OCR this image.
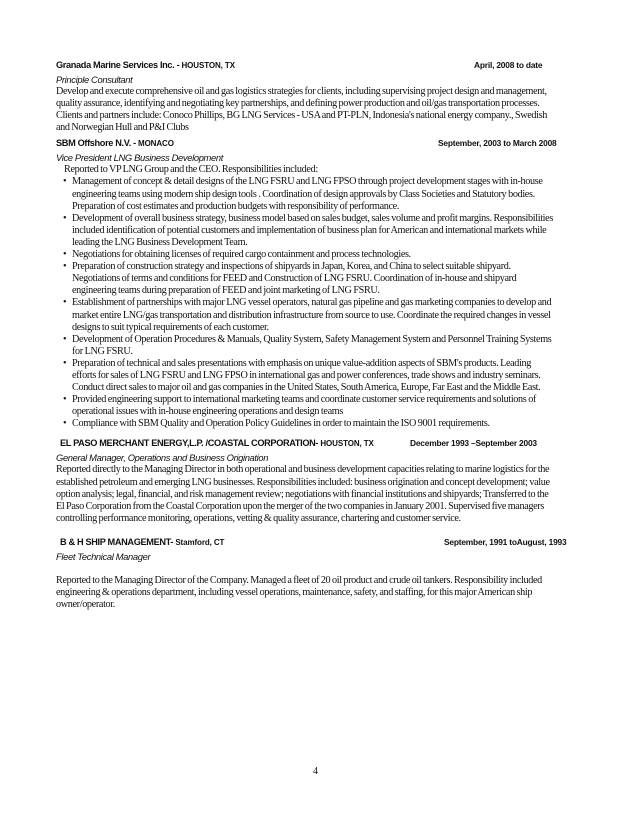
Granada Marine Services Inc. - HOUSTON, TX	April, 2008 to date
Principle Consultant
Develop and execute comprehensive oil and gas logistics strategies for clients, including supervising project design and management, quality assurance, identifying and negotiating key partnerships, and defining power production and oil/gas transportation processes. Clients and partners include: Conoco Phillips, BG LNG Services - USA and PT-PLN, Indonesia's national energy company., Swedish and Norwegian Hull and P&I Clubs
SBM Offshore N.V. - MONACO	September, 2003 to March 2008
Vice President LNG Business Development
Reported to VP LNG Group and the CEO. Responsibilities included:
• Management of concept & detail designs of the LNG FSRU and LNG FPSO through project development stages with in-house engineering teams using modern ship design tools . Coordination of design approvals by Class Societies and Statutory bodies. Preparation of cost estimates and production budgets with responsibility of performance.
• Development of overall business strategy, business model based on sales budget, sales volume and profit margins. Responsibilities included identification of potential customers and implementation of business plan for American and international markets while leading the LNG Business Development Team.
• Negotiations for obtaining licenses of required cargo containment and process technologies.
• Preparation of construction strategy and inspections of shipyards in Japan, Korea, and China to select suitable shipyard. Negotiations of terms and conditions for FEED and Construction of LNG FSRU. Coordination of in-house and shipyard engineering teams during preparation of FEED and joint marketing of LNG FSRU.
• Establishment of partnerships with major LNG vessel operators, natural gas pipeline and gas marketing companies to develop and market entire LNG/gas transportation and distribution infrastructure from source to use. Coordinate the required changes in vessel designs to suit typical requirements of each customer.
• Development of Operation Procedures & Manuals, Quality System, Safety Management System and Personnel Training Systems for LNG FSRU.
• Preparation of technical and sales presentations with emphasis on unique value-addition aspects of SBM's products. Leading efforts for sales of LNG FSRU and LNG FPSO in international gas and power conferences, trade shows and industry seminars. Conduct direct sales to major oil and gas companies in the United States, South America, Europe, Far East and the Middle East.
• Provided engineering support to international marketing teams and coordinate customer service requirements and solutions of operational issues with in-house engineering operations and design teams
• Compliance with SBM Quality and Operation Policy Guidelines in order to maintain the ISO 9001 requirements.
EL PASO MERCHANT ENERGY,L.P. /COASTAL CORPORATION- HOUSTON, TX	December 1993 –September 2003
General Manager, Operations and Business Origination
Reported directly to the Managing Director in both operational and business development capacities relating to marine logistics for the established petroleum and emerging LNG businesses. Responsibilities included: business origination and concept development; value option analysis; legal, financial, and risk management review; negotiations with financial institutions and shipyards; Transferred to the El Paso Corporation from the Coastal Corporation upon the merger of the two companies in January 2001. Supervised five managers controlling performance monitoring, operations, vetting & quality assurance, chartering and customer service.
B & H SHIP MANAGEMENT- Stamford, CT	September, 1991 toAugust, 1993
Fleet Technical Manager
Reported to the Managing Director of the Company. Managed a fleet of 20 oil product and crude oil tankers. Responsibility included engineering & operations department, including vessel operations, maintenance, safety, and staffing, for this major American ship owner/operator.
4
